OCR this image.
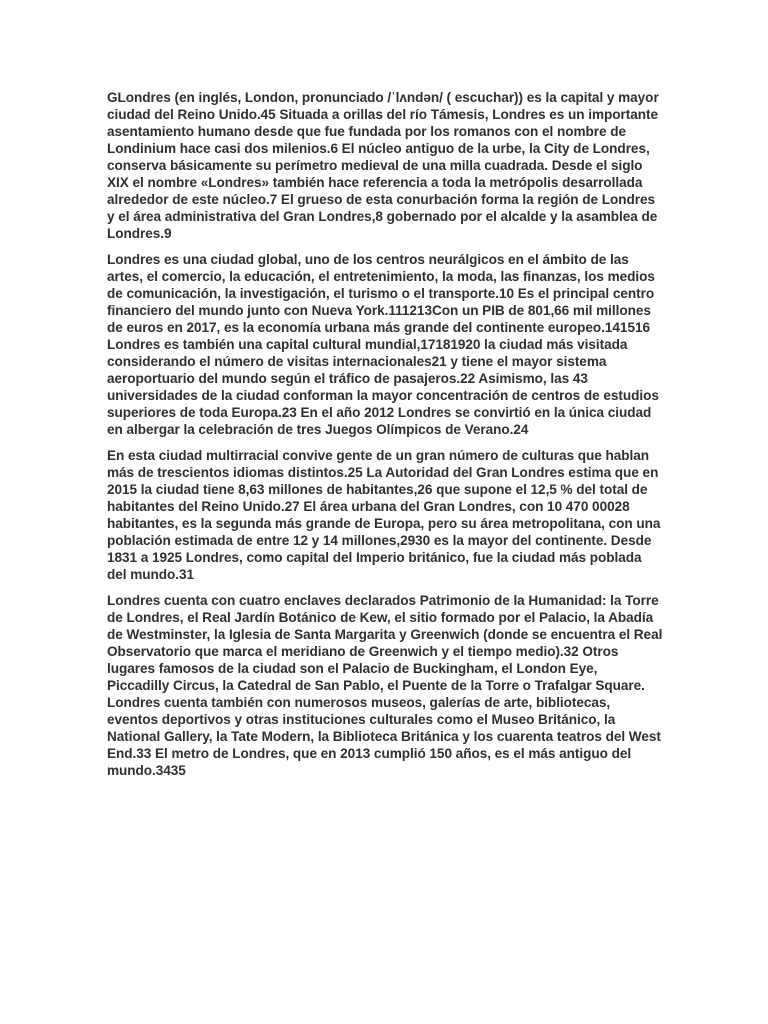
GLondres (en inglés, London, pronunciado /ˈlʌndən/ ( escuchar)) es la capital y mayor ciudad del Reino Unido.45 Situada a orillas del río Támesis, Londres es un importante asentamiento humano desde que fue fundada por los romanos con el nombre de Londinium hace casi dos milenios.6 El núcleo antiguo de la urbe, la City de Londres, conserva básicamente su perímetro medieval de una milla cuadrada. Desde el siglo XIX el nombre «Londres» también hace referencia a toda la metrópolis desarrollada alrededor de este núcleo.7 El grueso de esta conurbación forma la región de Londres y el área administrativa del Gran Londres,8 gobernado por el alcalde y la asamblea de Londres.9

Londres es una ciudad global, uno de los centros neurálgicos en el ámbito de las artes, el comercio, la educación, el entretenimiento, la moda, las finanzas, los medios de comunicación, la investigación, el turismo o el transporte.10 Es el principal centro financiero del mundo junto con Nueva York.111213Con un PIB de 801,66 mil millones de euros en 2017, es la economía urbana más grande del continente europeo.141516 Londres es también una capital cultural mundial,17181920 la ciudad más visitada considerando el número de visitas internacionales21 y tiene el mayor sistema aeroportuario del mundo según el tráfico de pasajeros.22 Asimismo, las 43 universidades de la ciudad conforman la mayor concentración de centros de estudios superiores de toda Europa.23 En el año 2012 Londres se convirtió en la única ciudad en albergar la celebración de tres Juegos Olímpicos de Verano.24

En esta ciudad multirracial convive gente de un gran número de culturas que hablan más de trescientos idiomas distintos.25 La Autoridad del Gran Londres estima que en 2015 la ciudad tiene 8,63 millones de habitantes,26 que supone el 12,5 % del total de habitantes del Reino Unido.27 El área urbana del Gran Londres, con 10 470 00028 habitantes, es la segunda más grande de Europa, pero su área metropolitana, con una población estimada de entre 12 y 14 millones,2930 es la mayor del continente. Desde 1831 a 1925 Londres, como capital del Imperio británico, fue la ciudad más poblada del mundo.31

Londres cuenta con cuatro enclaves declarados Patrimonio de la Humanidad: la Torre de Londres, el Real Jardín Botánico de Kew, el sitio formado por el Palacio, la Abadía de Westminster, la Iglesia de Santa Margarita y Greenwich (donde se encuentra el Real Observatorio que marca el meridiano de Greenwich y el tiempo medio).32 Otros lugares famosos de la ciudad son el Palacio de Buckingham, el London Eye, Piccadilly Circus, la Catedral de San Pablo, el Puente de la Torre o Trafalgar Square. Londres cuenta también con numerosos museos, galerías de arte, bibliotecas, eventos deportivos y otras instituciones culturales como el Museo Británico, la National Gallery, la Tate Modern, la Biblioteca Británica y los cuarenta teatros del West End.33 El metro de Londres, que en 2013 cumplió 150 años, es el más antiguo del mundo.3435
